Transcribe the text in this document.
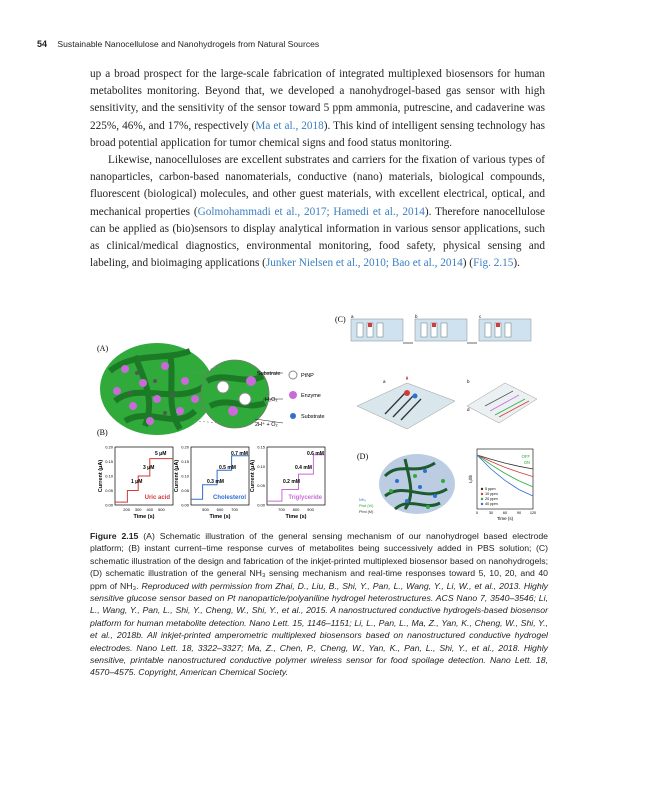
54 Sustainable Nanocellulose and Nanohydrogels from Natural Sources

up a broad prospect for the large-scale fabrication of integrated multiplexed biosensors for human metabolites monitoring. Beyond that, we developed a nanohydrogel-based gas sensor with high sensitivity, and the sensitivity of the sensor toward 5 ppm ammonia, putrescine, and cadaverine was 225%, 46%, and 17%, respectively (Ma et al., 2018). This kind of intelligent sensing technology has broad potential application for tumor chemical signs and food status monitoring.

Likewise, nanocelluloses are excellent substrates and carriers for the fixation of various types of nanoparticles, carbon-based nanomaterials, conductive (nano) materials, biological compounds, fluorescent (biological) molecules, and other guest materials, with excellent electrical, optical, and mechanical properties (Golmohammadi et al., 2017; Hamedi et al., 2014). Therefore nanocellulose can be applied as (bio)sensors to display analytical information in various sensor applications, such as clinical/medical diagnostics, environmental monitoring, food safety, physical sensing and labeling, and bioimaging applications (Junker Nielsen et al., 2010; Bao et al., 2014) (Fig. 2.15).

(A)
Substrate
H₂O₂
2H⁺ + O₂
PtNP
Enzyme
Substrate
(B)
0.00
0.05
0.10
0.15
0.20
200 300 400 500
Time (s)
Current (μA)
Uric acid
5 μM
3 μM
1 μM
0.00
0.05
0.10
0.15
0.20
500 600 700
Time (s)
Current (μA)
Cholesterol
0.7 mM
0.5 mM
0.3 mM
0.00
0.05
0.10
0.15
700 800 900
Time (s)
Current (μA)
Triglyceride
0.6 mM
0.4 mM
0.2 mM
(C) a	b	c
a	b
d
(D)
NH₃
Ptwl (W)
Ptmi (M)	0	30	60	90 120
Time (s)
I₀/Ib
OFF
ON
5 ppm
10 ppm
20 ppm
40 ppm

Figure 2.15 (A) Schematic illustration of the general sensing mechanism of our nanohydrogel based electrode platform; (B) instant current–time response curves of metabolites being successively added in PBS solution; (C) schematic illustration of the design and fabrication of the inkjet-printed multiplexed biosensor based on nanohydrogels; (D) schematic illustration of the general NH₃ sensing mechanism and real-time responses toward 5, 10, 20, and 40 ppm of NH₃. Reproduced with permission from Zhai, D., Liu, B., Shi, Y., Pan, L., Wang, Y., Li, W., et al., 2013. Highly sensitive glucose sensor based on Pt nanoparticle/polyaniline hydrogel heterostructures. ACS Nano 7, 3540–3546; Li, L., Wang, Y., Pan, L., Shi, Y., Cheng, W., Shi, Y., et al., 2015. A nanostructured conductive hydrogels-based biosensor platform for human metabolite detection. Nano Lett. 15, 1146–1151; Li, L., Pan, L., Ma, Z., Yan, K., Cheng, W., Shi, Y., et al., 2018b. All inkjet-printed amperometric multiplexed biosensors based on nanostructured conductive hydrogel electrodes. Nano Lett. 18, 3322–3327; Ma, Z., Chen, P., Cheng, W., Yan, K., Pan, L., Shi, Y., et al., 2018. Highly sensitive, printable nanostructured conductive polymer wireless sensor for food spoilage detection. Nano Lett. 18, 4570–4575. Copyright, American Chemical Society.
